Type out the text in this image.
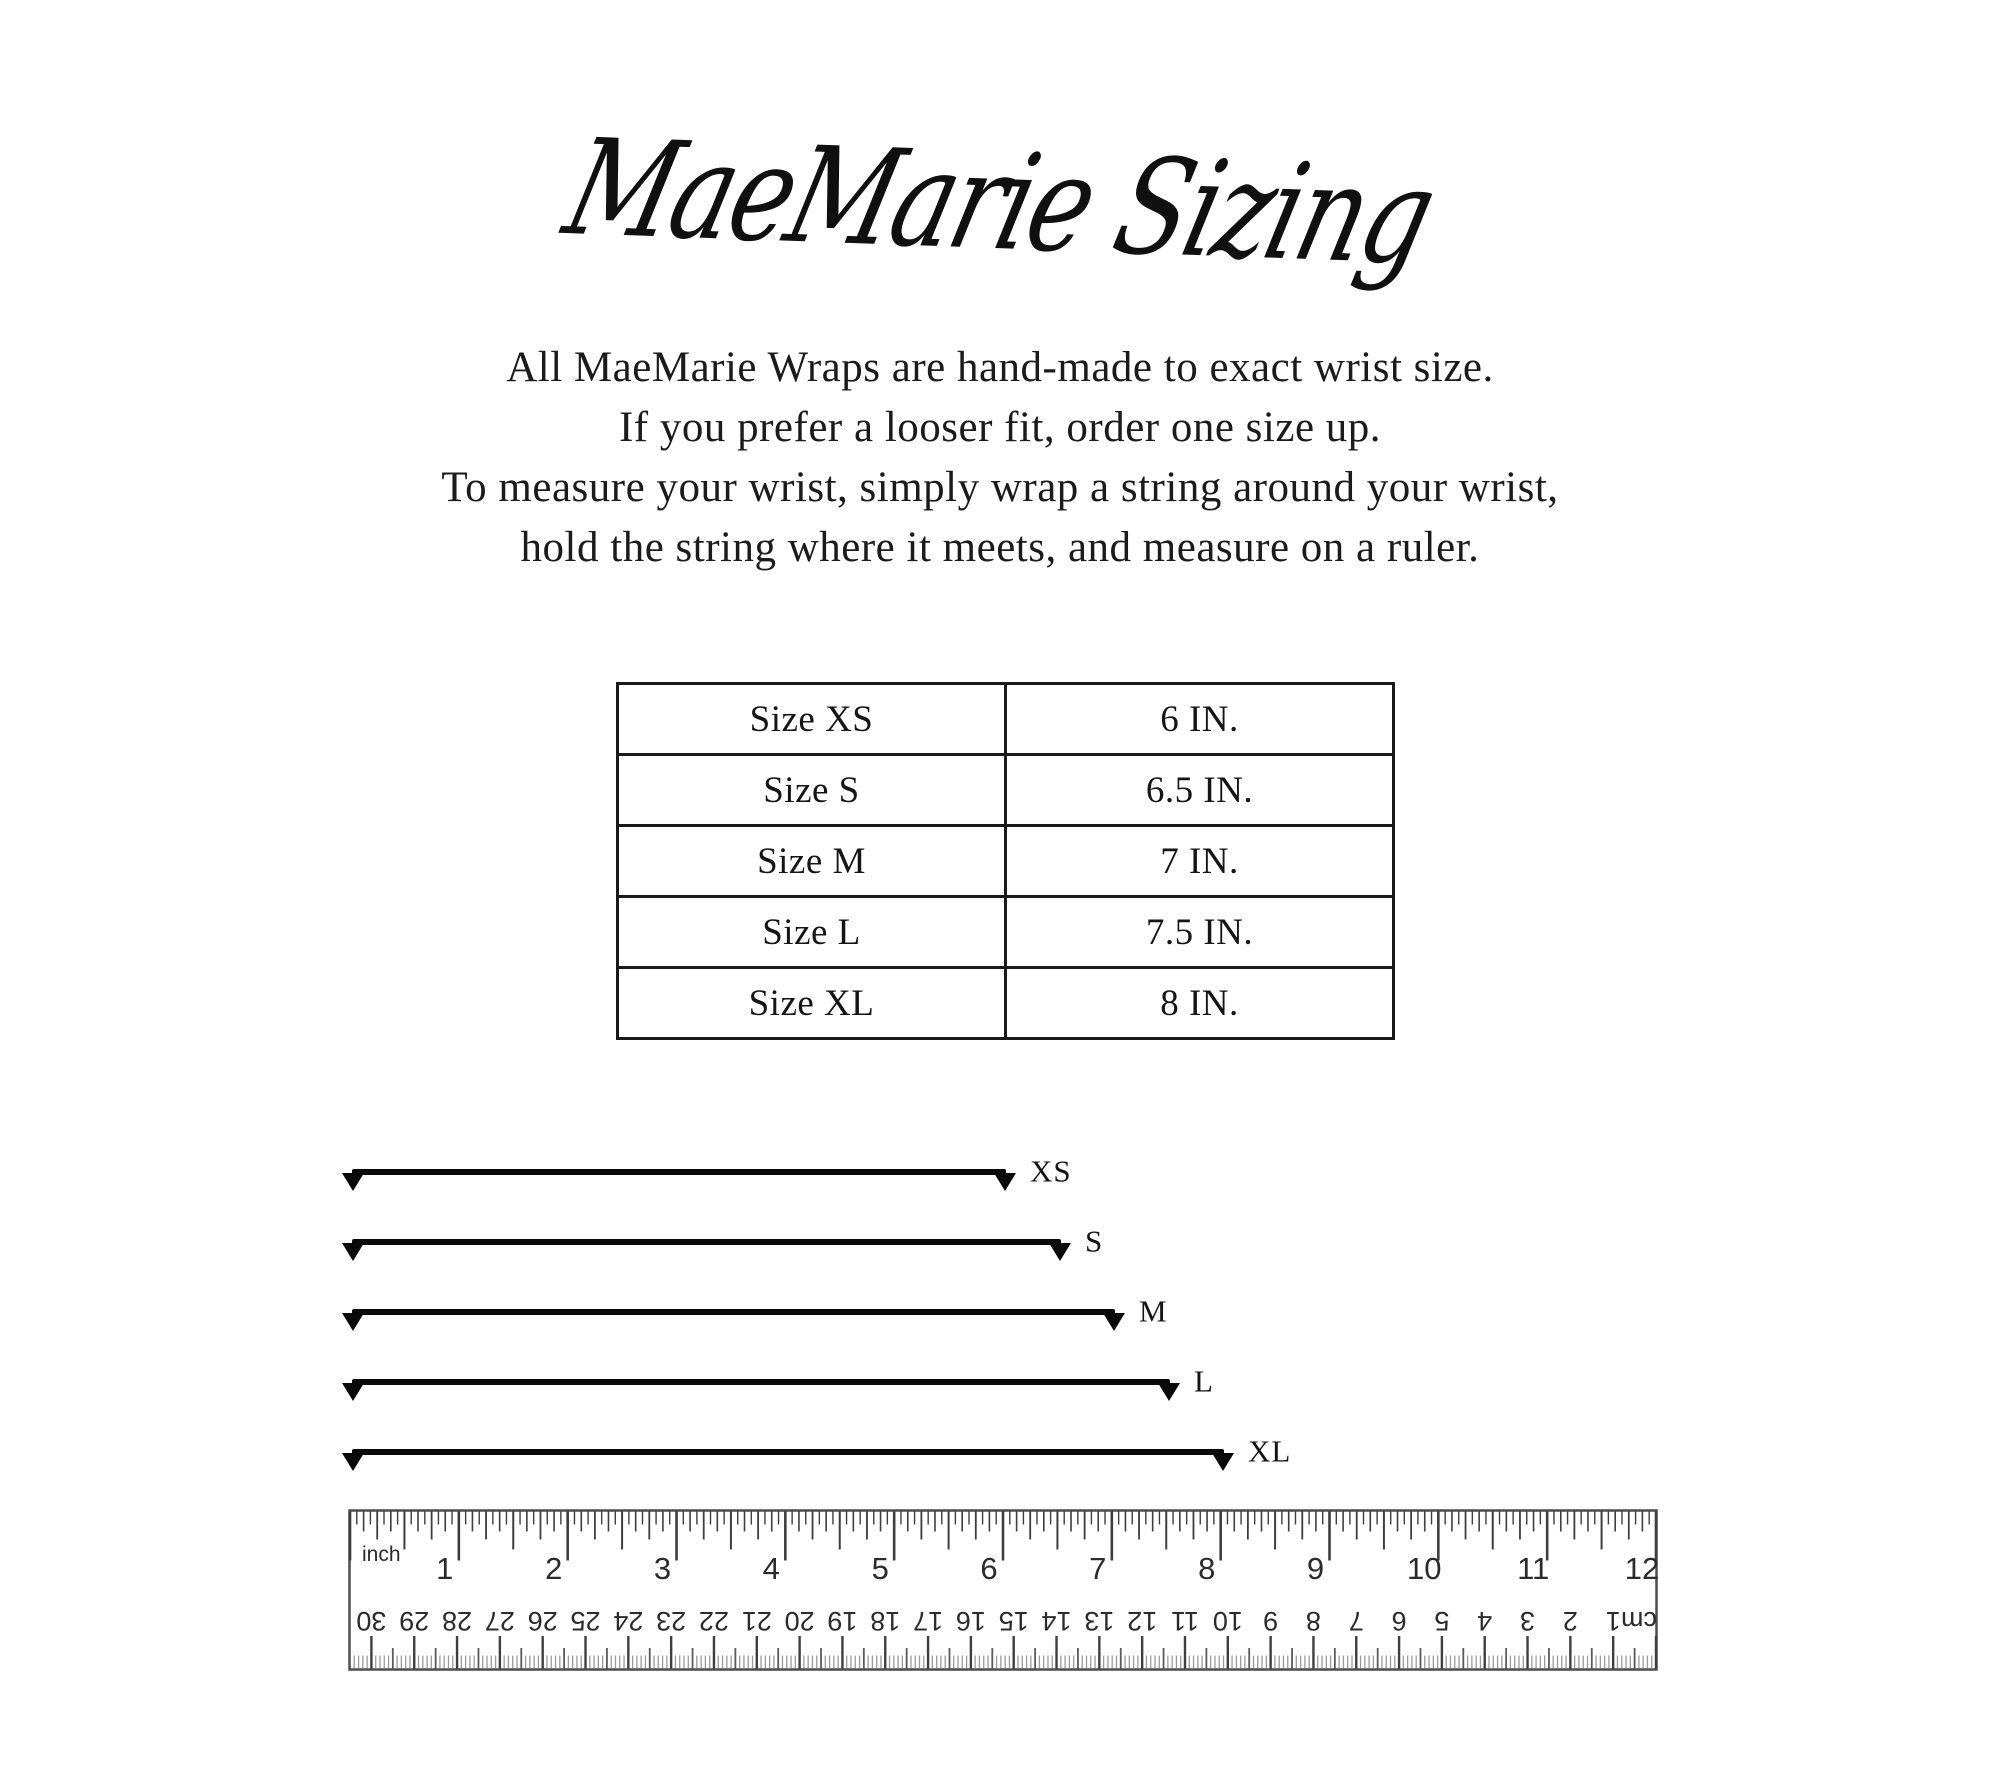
MaeMarie Sizing
All MaeMarie Wraps are hand-made to exact wrist size.
If you prefer a looser fit, order one size up.
To measure your wrist, simply wrap a string around your wrist,
hold the string where it meets, and measure on a ruler.
Size XS	6 IN.
Size S	6.5 IN.
Size M	7 IN.
Size L	7.5 IN.
Size XL	8 IN.
XS
S
M
L
XL
inch 1	2	3	4	5	6	7	8	9	10 11 12
cm
1
2
3
4
5
6
7
8
9
10
11
12
13
14
15
16
17
18
19
20
21
22
23
24
25
26
27
28
29
30
